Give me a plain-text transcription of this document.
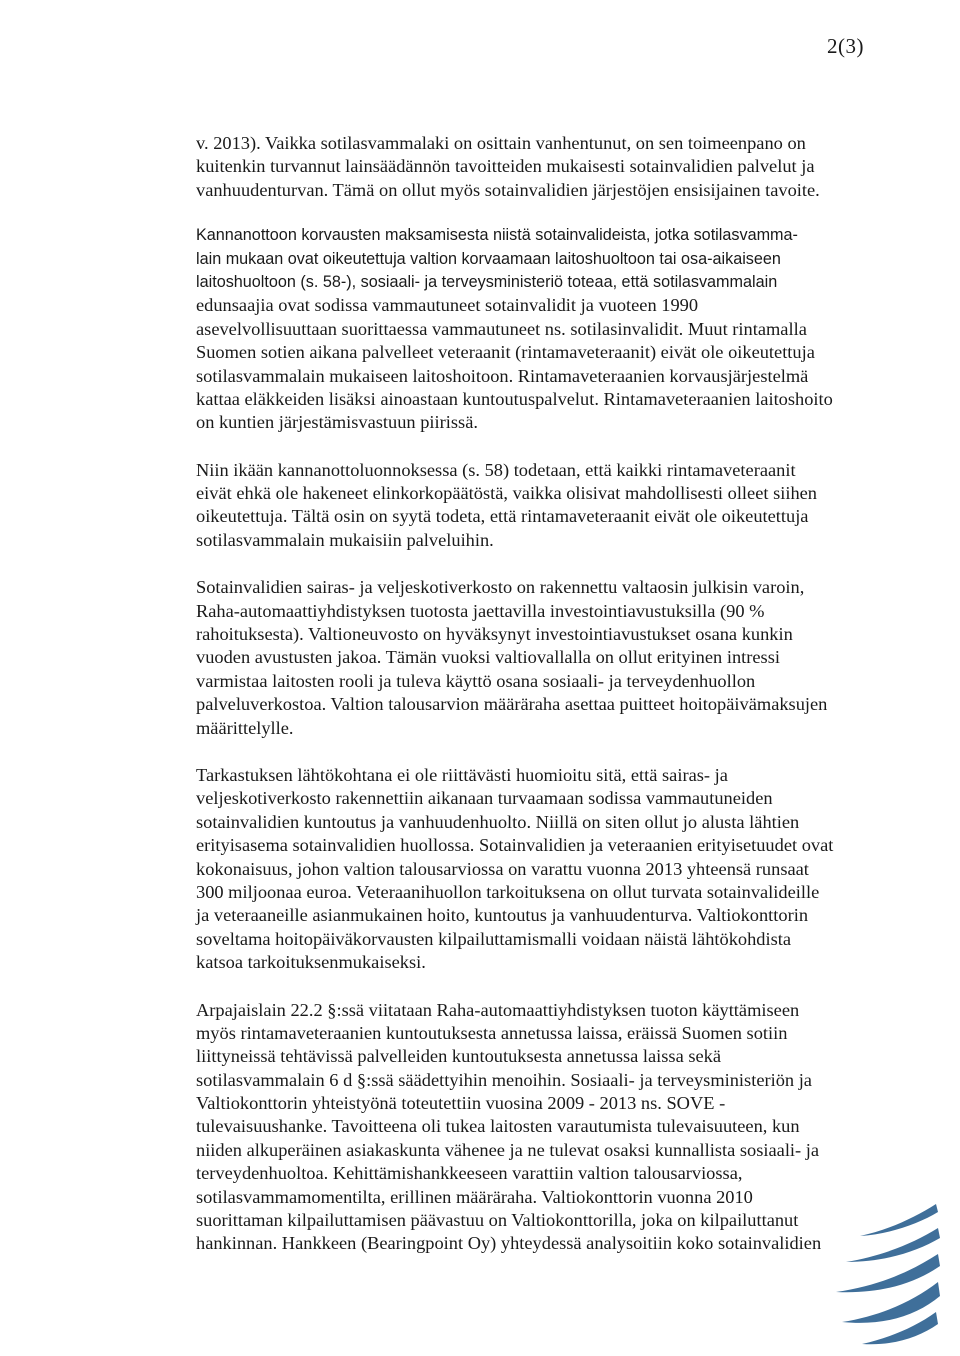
2(3)

v. 2013). Vaikka sotilasvammalaki on osittain vanhentunut, on sen toimeenpano on
kuitenkin turvannut lainsäädännön tavoitteiden mukaisesti sotainvalidien palvelut ja
vanhuudenturvan. Tämä on ollut myös sotainvalidien järjestöjen ensisijainen tavoite.

Kannanottoon korvausten maksamisesta niistä sotainvalideista, jotka sotilasvamma-
lain mukaan ovat oikeutettuja valtion korvaamaan laitoshuoltoon tai osa-aikaiseen
laitoshuoltoon (s. 58-), sosiaali- ja terveysministeriö toteaa, että sotilasvammalain
edunsaajia ovat sodissa vammautuneet sotainvalidit ja vuoteen 1990
asevelvollisuuttaan suorittaessa vammautuneet ns. sotilasinvalidit. Muut rintamalla
Suomen sotien aikana palvelleet veteraanit (rintamaveteraanit) eivät ole oikeutettuja
sotilasvammalain mukaiseen laitoshoitoon. Rintamaveteraanien korvausjärjestelmä
kattaa eläkkeiden lisäksi ainoastaan kuntoutuspalvelut. Rintamaveteraanien laitoshoito
on kuntien järjestämisvastuun piirissä.

Niin ikään kannanottoluonnoksessa (s. 58) todetaan, että kaikki rintamaveteraanit
eivät ehkä ole hakeneet elinkorkopäätöstä, vaikka olisivat mahdollisesti olleet siihen
oikeutettuja. Tältä osin on syytä todeta, että rintamaveteraanit eivät ole oikeutettuja
sotilasvammalain mukaisiin palveluihin.

Sotainvalidien sairas- ja veljeskotiverkosto on rakennettu valtaosin julkisin varoin,
Raha-automaattiyhdistyksen tuotosta jaettavilla investointiavustuksilla (90 %
rahoituksesta). Valtioneuvosto on hyväksynyt investointiavustukset osana kunkin
vuoden avustusten jakoa. Tämän vuoksi valtiovallalla on ollut erityinen intressi
varmistaa laitosten rooli ja tuleva käyttö osana sosiaali- ja terveydenhuollon
palveluverkostoa. Valtion talousarvion määräraha asettaa puitteet hoitopäivämaksujen
määrittelylle.

Tarkastuksen lähtökohtana ei ole riittävästi huomioitu sitä, että sairas- ja
veljeskotiverkosto rakennettiin aikanaan turvaamaan sodissa vammautuneiden
sotainvalidien kuntoutus ja vanhuudenhuolto. Niillä on siten ollut jo alusta lähtien
erityisasema sotainvalidien huollossa. Sotainvalidien ja veteraanien erityisetuudet ovat
kokonaisuus, johon valtion talousarviossa on varattu vuonna 2013 yhteensä runsaat
300 miljoonaa euroa. Veteraanihuollon tarkoituksena on ollut turvata sotainvalideille
ja veteraaneille asianmukainen hoito, kuntoutus ja vanhuudenturva. Valtiokonttorin
soveltama hoitopäiväkorvausten kilpailuttamismalli voidaan näistä lähtökohdista
katsoa tarkoituksenmukaiseksi.

Arpajaislain 22.2 §:ssä viitataan Raha-automaattiyhdistyksen tuoton käyttämiseen
myös rintamaveteraanien kuntoutuksesta annetussa laissa, eräissä Suomen sotiin
liittyneissä tehtävissä palvelleiden kuntoutuksesta annetussa laissa sekä
sotilasvammalain 6 d §:ssä säädettyihin menoihin. Sosiaali- ja terveysministeriön ja
Valtiokonttorin yhteistyönä toteutettiin vuosina 2009 - 2013 ns. SOVE -
tulevaisuushanke. Tavoitteena oli tukea laitosten varautumista tulevaisuuteen, kun
niiden alkuperäinen asiakaskunta vähenee ja ne tulevat osaksi kunnallista sosiaali- ja
terveydenhuoltoa. Kehittämishankkeeseen varattiin valtion talousarviossa,
sotilasvammamomentilta, erillinen määräraha. Valtiokonttorin vuonna 2010
suorittaman kilpailuttamisen päävastuu on Valtiokonttorilla, joka on kilpailuttanut
hankinnan. Hankkeen (Bearingpoint Oy) yhteydessä analysoitiin koko sotainvalidien
